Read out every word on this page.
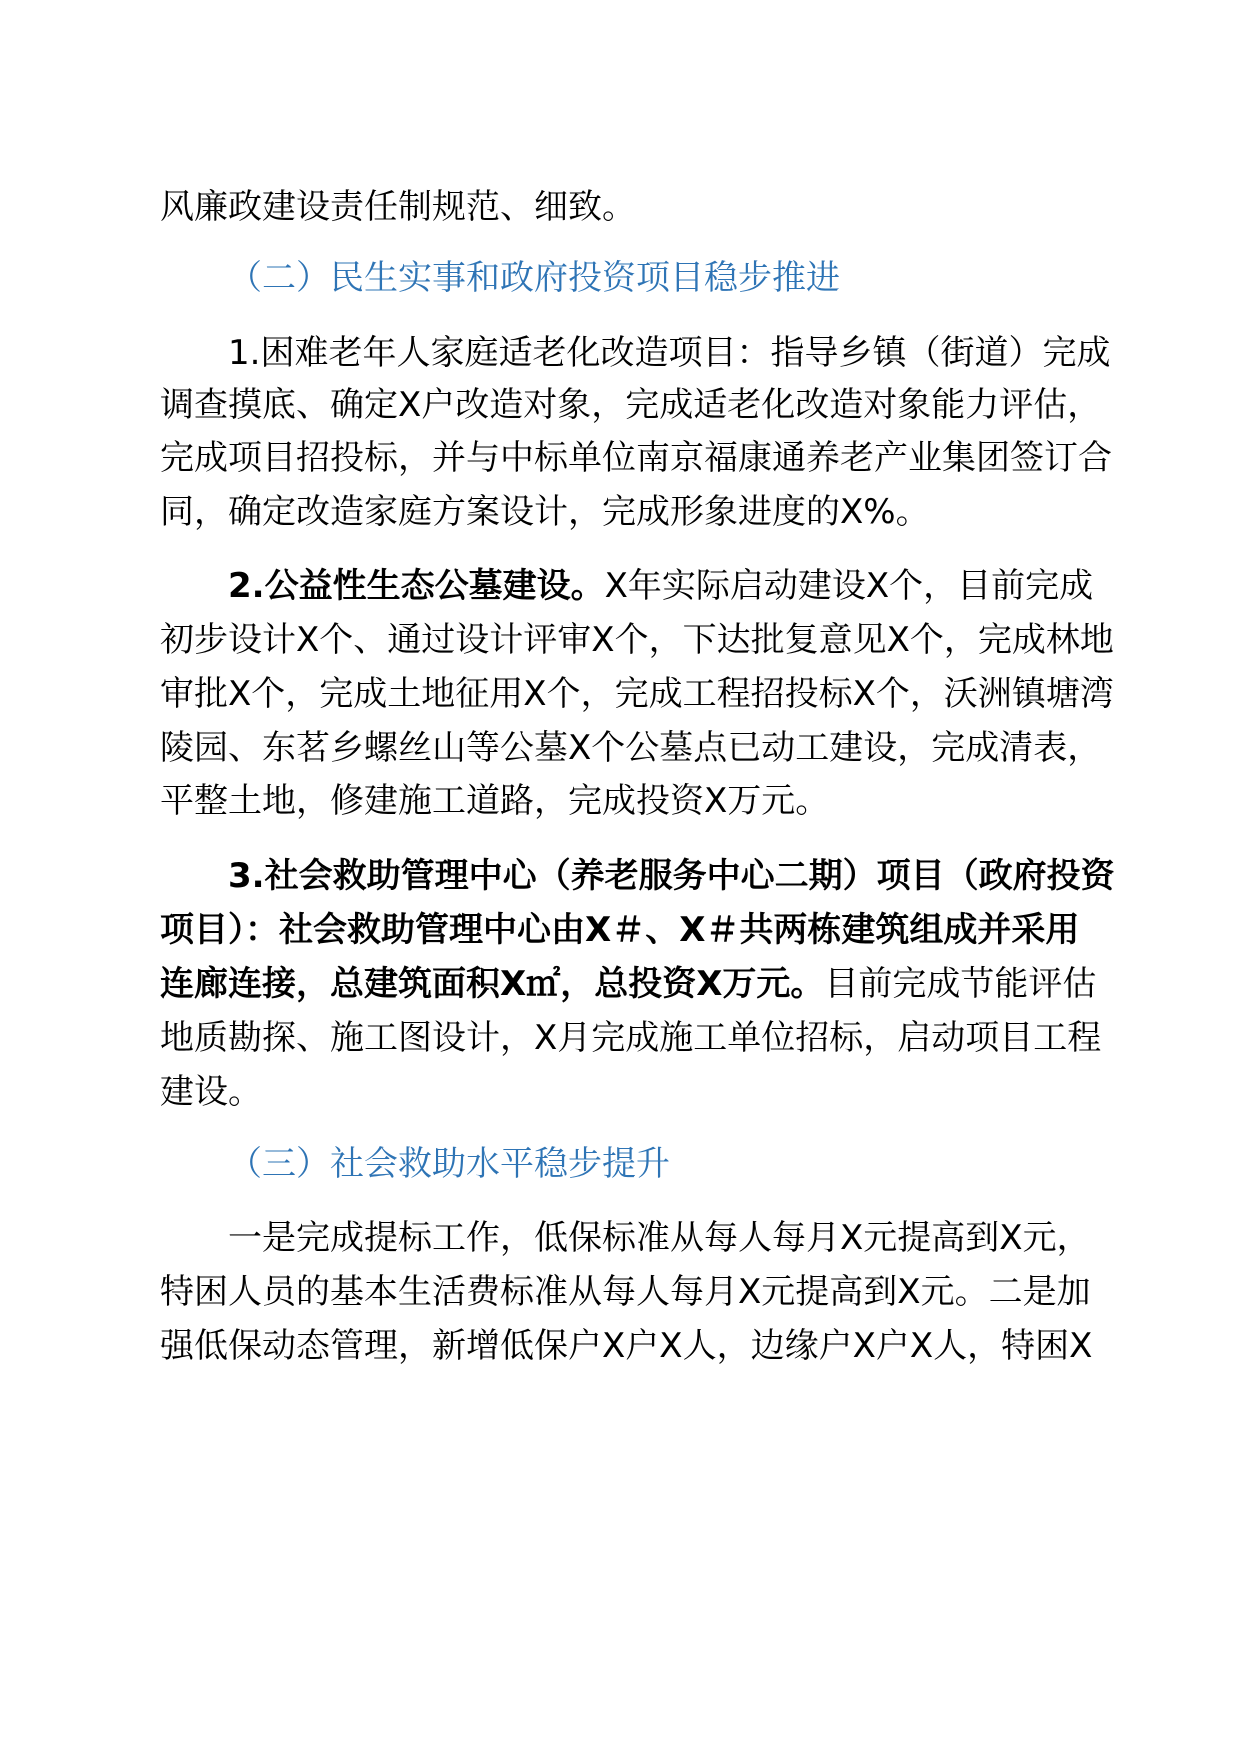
风廉政建设责任制规范、细致。
（二）民生实事和政府投资项目稳步推进
1.困难老年人家庭适老化改造项目：指导乡镇（街道）完成
调查摸底、确定X户改造对象，完成适老化改造对象能力评估，
完成项目招投标，并与中标单位南京福康通养老产业集团签订合
同，确定改造家庭方案设计，完成形象进度的X%。
2.公益性生态公墓建设。X年实际启动建设X个，目前完成
初步设计X个、通过设计评审X个，下达批复意见X个，完成林地
审批X个，完成土地征用X个，完成工程招投标X个，沃洲镇塘湾
陵园、东茗乡螺丝山等公墓X个公墓点已动工建设，完成清表，
平整土地，修建施工道路，完成投资X万元。
3.社会救助管理中心（养老服务中心二期）项目（政府投资
项目）：社会救助管理中心由X＃、X＃共两栋建筑组成并采用
连廊连接，总建筑面积X㎡，总投资X万元。目前完成节能评估
地质勘探、施工图设计，X月完成施工单位招标，启动项目工程
建设。
（三）社会救助水平稳步提升
一是完成提标工作，低保标准从每人每月X元提高到X元，
特困人员的基本生活费标准从每人每月X元提高到X元。二是加
强低保动态管理，新增低保户X户X人，边缘户X户X人，特困X
